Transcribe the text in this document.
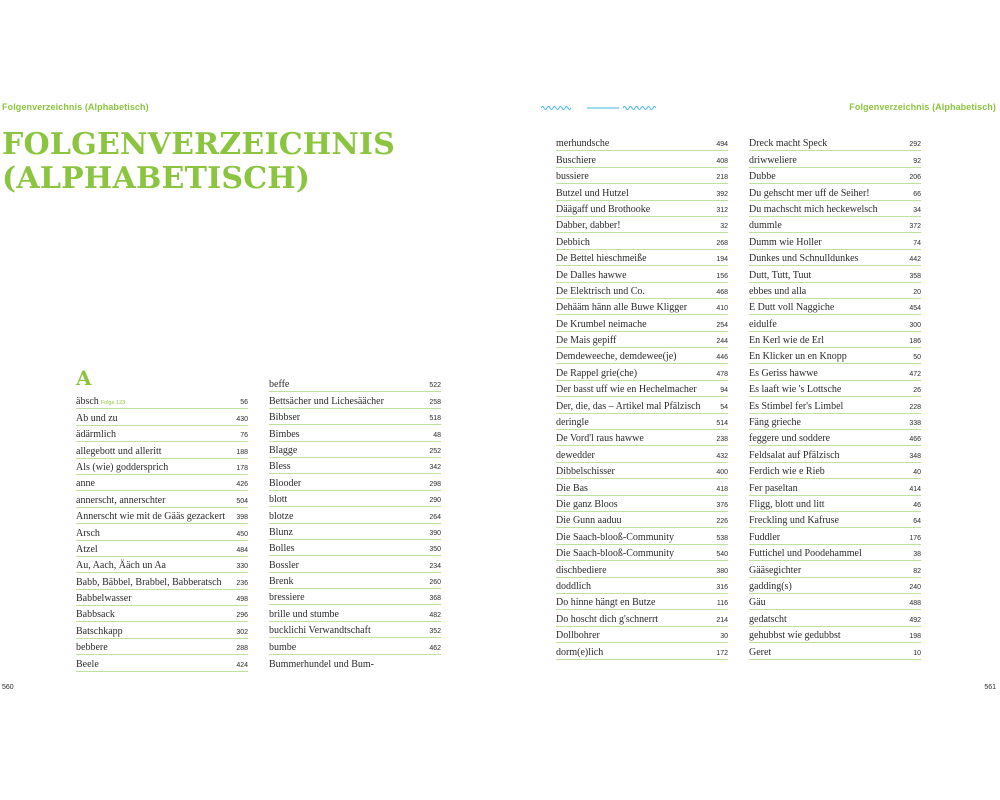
Folgenverzeichnis (Alphabetisch)	Folgenverzeichnis (Alphabetisch)
FOLGENVERZEICHNIS
(ALPHABETISCH)
A
äbsch Folge 123	56
Ab und zu	430
ädärmlich	76
allegebott und alleritt	188
Als (wie) goddersprich	178
anne	426
annerscht, annerschter	504
Annerscht wie mit de Gääs gezackert 398
Arsch	450
Atzel	484
Au, Aach, Ääch un Aa	330
Babb, Bäbbel, Brabbel, Babberatsch 236
Babbelwasser	498
Babbsack	296
Batschkapp	302
bebbere	288
Beele	424
beffe	522
Bettsächer und Lichesäächer	258
Bibbser	518
Bimbes	48
Blagge	252
Bless	342
Blooder	298
blott	290
blotze	264
Blunz	390
Bolles	350
Bossler	234
Brenk	260
bressiere	368
brille und stumbe	482
bucklichi Verwandtschaft	352
bumbe	462
Bummerhundel und Bum-
merhundsche	494
Buschiere	408
bussiere	218
Butzel und Hutzel	392
Däägaff und Brothooke	312
Dabber, dabber!	32
Debbich	268
De Bettel hieschmeiße	194
De Dalles hawwe	156
De Elektrisch und Co.	468
Dehääm hänn alle Buwe Kligger	410
De Krumbel neimache	254
De Mais gepiff	244
Demdeweeche, demdewee(je)	446
De Rappel grie(che)	478
Der basst uff wie en Hechelmacher	94
Der, die, das – Artikel mal Pfälzisch	54
deringle	514
De Vord'l raus hawwe	238
dewedder	432
Dibbelschisser	400
Die Bas	418
Die ganz Bloos	376
Die Gunn aaduu	226
Die Saach-blooß-Community	538
Die Saach-blooß-Community	540
dischbediere	380
doddlich	316
Do hinne hängt en Butze	116
Do hoscht dich g'schnerrt	214
Dollbohrer	30
dorm(e)lich	172
Dreck macht Speck	292
driwweliere	92
Dubbe	206
Du gehscht mer uff de Seiher!	66
Du machscht mich heckewelsch	34
dummle	372
Dumm wie Holler	74
Dunkes und Schnulldunkes	442
Dutt, Tutt, Tuut	358
ebbes und alla	20
E Dutt voll Naggiche	454
eidulfe	300
En Kerl wie de Erl	186
En Klicker un en Knopp	50
Es Geriss hawwe	472
Es laaft wie 's Lottsche	26
Es Stimbel fer's Limbel	228
Fäng grieche	338
feggere und soddere	466
Feldsalat auf Pfälzisch	348
Ferdich wie e Rieb	40
Fer paseltan	414
Fligg, blott und litt	46
Freckling und Kafruse	64
Fuddler	176
Futtichel und Poodehammel	38
Gääsegichter	82
gadding(s)	240
Gäu	488
gedatscht	492
gehubbst wie gedubbst	198
Geret	10
560	561
